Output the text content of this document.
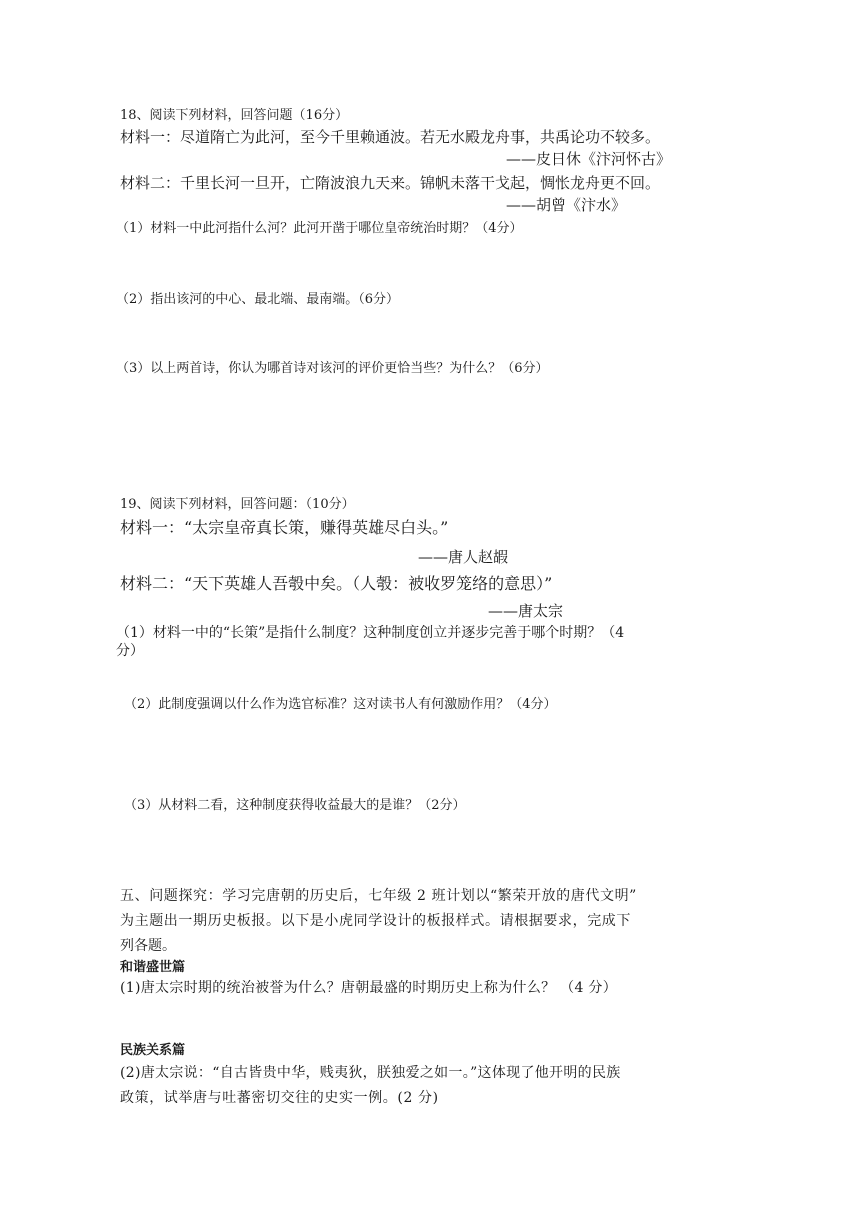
18、阅读下列材料，回答问题（16分）
材料一：尽道隋亡为此河，至今千里赖通波。若无水殿龙舟事，共禹论功不较多。
——皮日休《汴河怀古》
材料二：千里长河一旦开，亡隋波浪九天来。锦帆未落干戈起，惆怅龙舟更不回。
——胡曾《汴水》
（1）材料一中此河指什么河？此河开凿于哪位皇帝统治时期？（4分）
（2）指出该河的中心、最北端、最南端。（6分）
（3）以上两首诗，你认为哪首诗对该河的评价更恰当些？为什么？（6分）
19、阅读下列材料，回答问题：（10分）
材料一：“太宗皇帝真长策，赚得英雄尽白头。”
——唐人赵嘏
材料二：“天下英雄人吾彀中矣。（人彀：被收罗笼络的意思）”
——唐太宗
（1）材料一中的“长策”是指什么制度？这种制度创立并逐步完善于哪个时期？（4
分）
（2）此制度强调以什么作为选官标准？这对读书人有何激励作用？（4分）
（3）从材料二看，这种制度获得收益最大的是谁？（2分）
五、问题探究：学习完唐朝的历史后，七年级 2 班计划以“繁荣开放的唐代文明”
为主题出一期历史板报。以下是小虎同学设计的板报样式。请根据要求，完成下
列各题。
和谐盛世篇
(1)唐太宗时期的统治被誉为什么？唐朝最盛的时期历史上称为什么？ （4 分）
民族关系篇
(2)唐太宗说：“自古皆贵中华，贱夷狄，朕独爱之如一。”这体现了他开明的民族
政策，试举唐与吐蕃密切交往的史实一例。(2 分)
